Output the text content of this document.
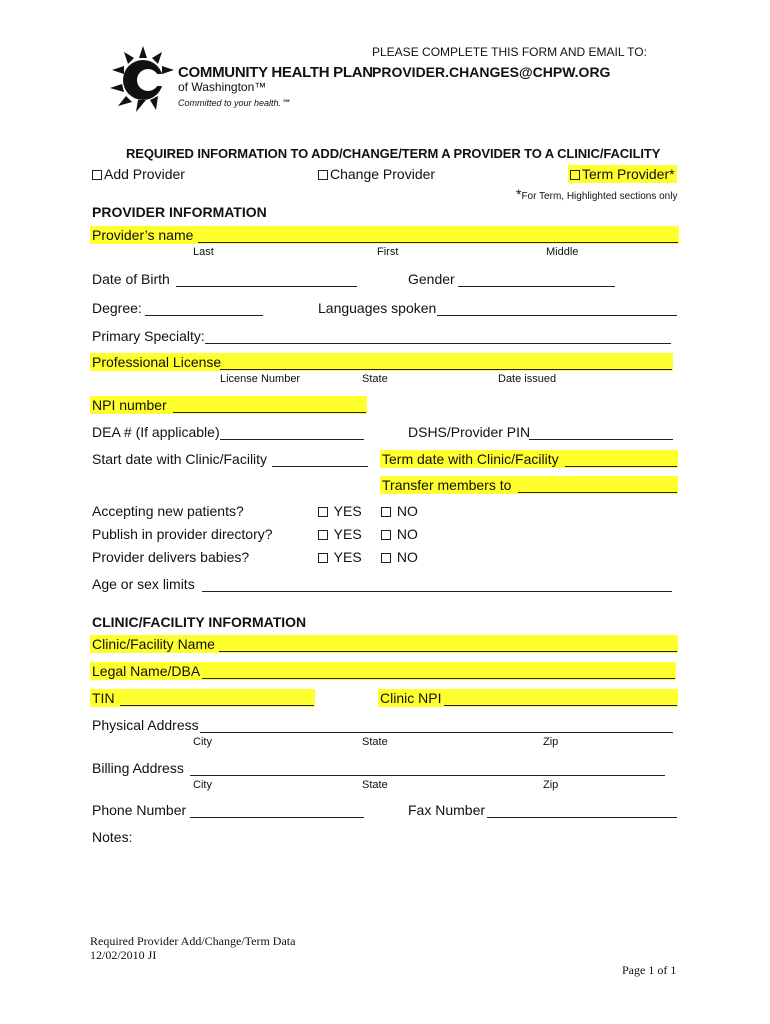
COMMUNITY HEALTH PLAN
of Washington™
Committed to your health.℠
PLEASE COMPLETE THIS FORM AND EMAIL TO:
PROVIDER.CHANGES@CHPW.ORG
REQUIRED INFORMATION TO ADD/CHANGE/TERM A PROVIDER TO A CLINIC/FACILITY
Add Provider	Change Provider	Term Provider*
*For Term, Highlighted sections only
PROVIDER INFORMATION
Provider’s name
Last	First	Middle
Date of Birth	Gender
Degree:	Languages spoken
Primary Specialty:
Professional License
License Number	State	Date issued
NPI number
DEA # (If applicable)	DSHS/Provider PIN
Start date with Clinic/Facility	Term date with Clinic/Facility
Transfer members to
Accepting new patients?	YES	NO
Publish in provider directory?	YES	NO
Provider delivers babies?	YES	NO
Age or sex limits
CLINIC/FACILITY INFORMATION
Clinic/Facility Name
Legal Name/DBA
TIN	Clinic NPI
Physical Address
City	State	Zip
Billing Address
City	State	Zip
Phone Number	Fax Number
Notes:
Required Provider Add/Change/Term Data
12/02/2010 JI
Page 1 of 1
